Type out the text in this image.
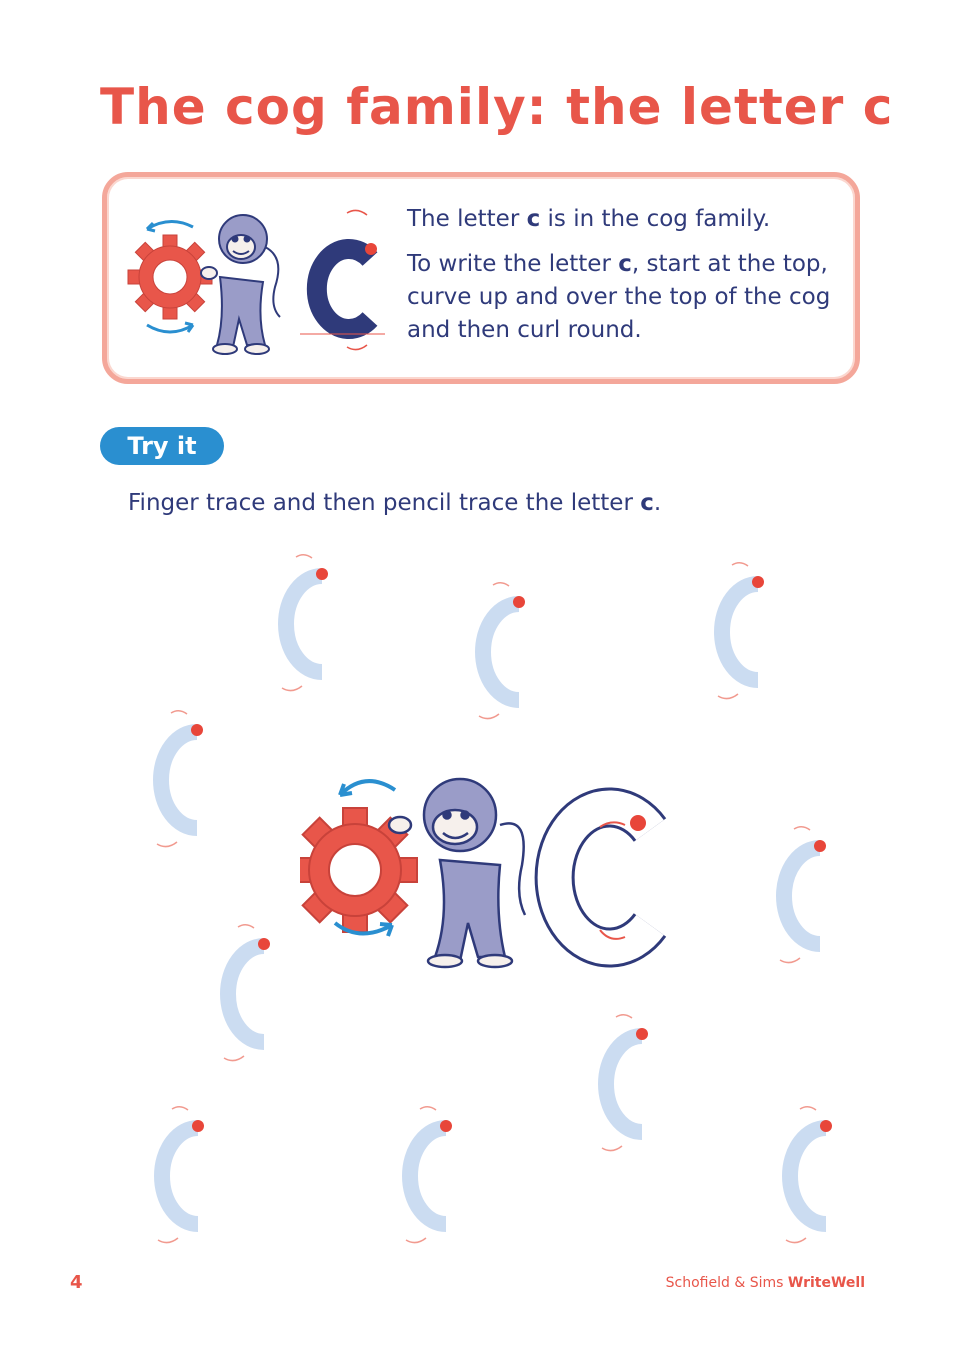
The cog family: the letter c

The letter c is in the cog family.

To write the letter c, start at the top, curve up and over the top of the cog and then curl round.

Try it
Finger trace and then pencil trace the letter c.
4	Schofield & Sims WriteWell
